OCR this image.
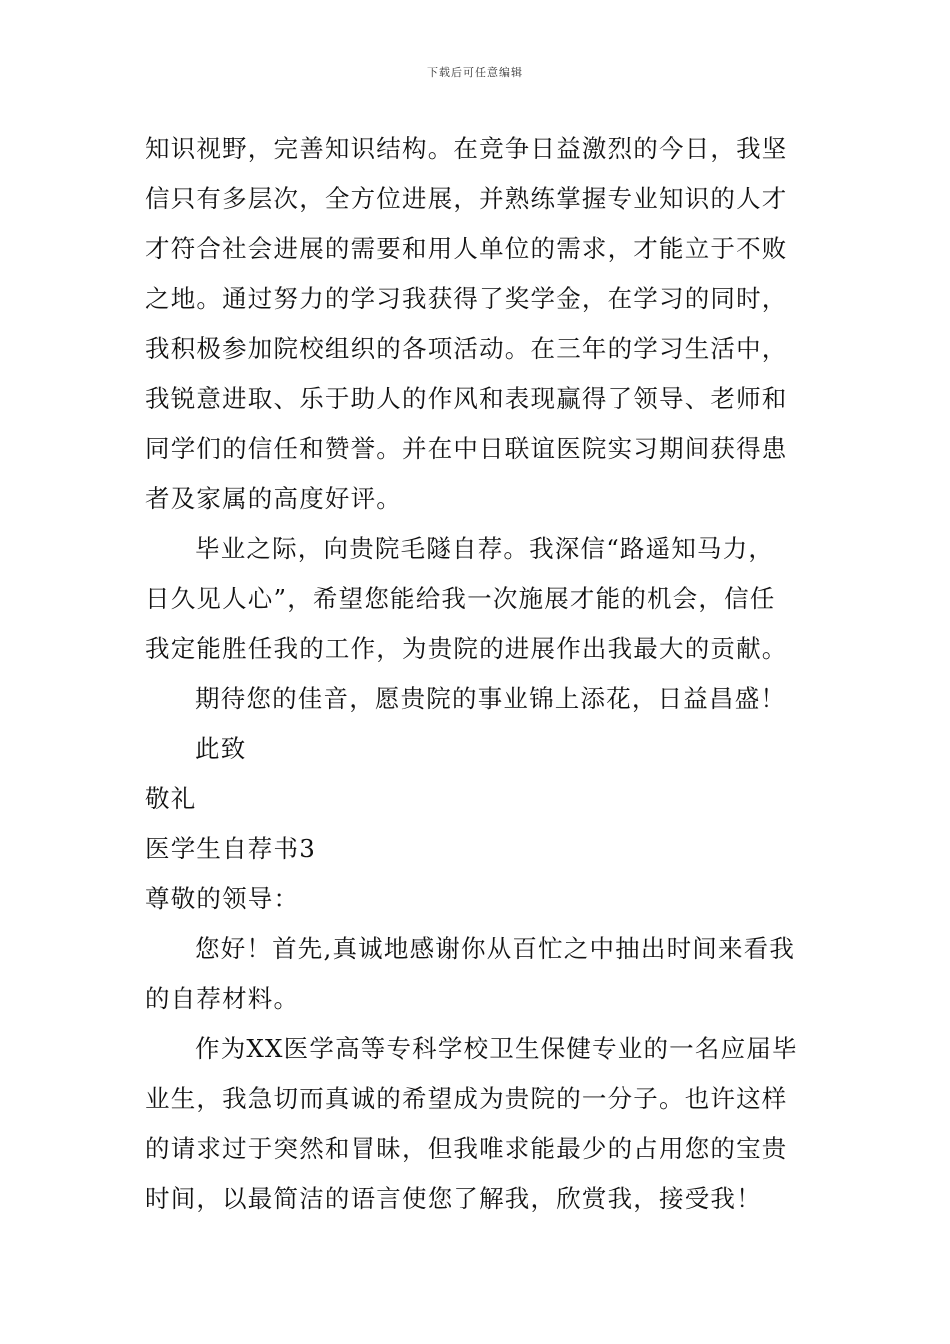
下载后可任意编辑
知识视野，完善知识结构。在竞争日益激烈的今日，我坚
信只有多层次，全方位进展，并熟练掌握专业知识的人才
才符合社会进展的需要和用人单位的需求，才能立于不败
之地。通过努力的学习我获得了奖学金，在学习的同时，
我积极参加院校组织的各项活动。在三年的学习生活中，
我锐意进取、乐于助人的作风和表现赢得了领导、老师和
同学们的信任和赞誉。并在中日联谊医院实习期间获得患
者及家属的高度好评。
毕业之际，向贵院毛隧自荐。我深信“路遥知马力，
日久见人心”，希望您能给我一次施展才能的机会，信任
我定能胜任我的工作，为贵院的进展作出我最大的贡献。
期待您的佳音，愿贵院的事业锦上添花，日益昌盛！
此致
敬礼
医学生自荐书3
尊敬的领导：
您好！首先,真诚地感谢你从百忙之中抽出时间来看我
的自荐材料。
作为XX医学高等专科学校卫生保健专业的一名应届毕
业生，我急切而真诚的希望成为贵院的一分子。也许这样
的请求过于突然和冒昧，但我唯求能最少的占用您的宝贵
时间，以最简洁的语言使您了解我，欣赏我，接受我！
